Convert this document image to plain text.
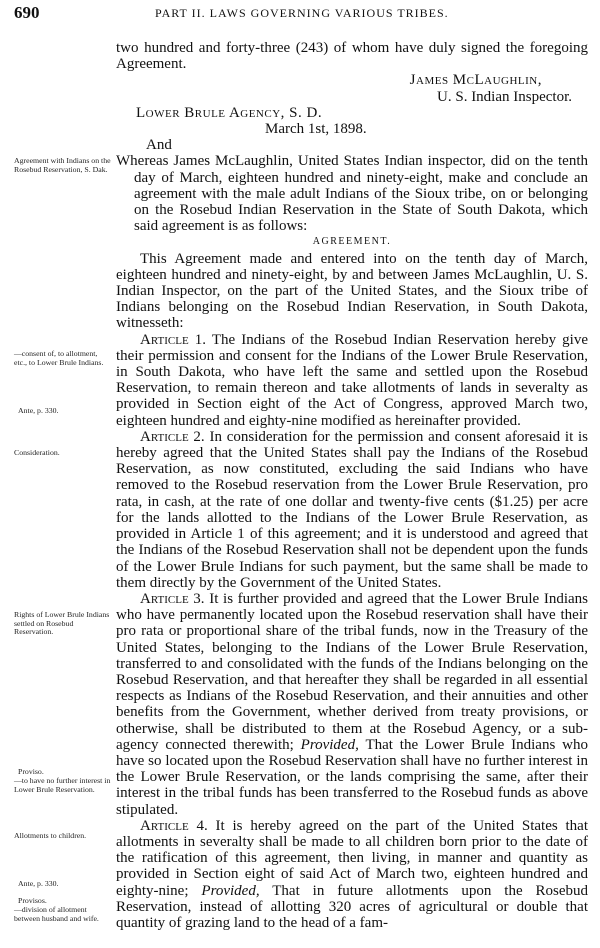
690	PART II. LAWS GOVERNING VARIOUS TRIBES.
Agreement with Indians on the Rosebud Reservation, S. Dak.
—consent of, to allotment, etc., to Lower Brule Indians.
Ante, p. 330.
Consideration.
Rights of Lower Brule Indians settled on Rosebud Reservation.
Proviso.
—to have no further interest in Lower Brule Reservation.
Allotments to children.
Ante, p. 330.
Provisos.
—division of allotment between husband and wife.

two hundred and forty-three (243) of whom have duly signed the foregoing Agreement.

James McLaughlin,

U. S. Indian Inspector.

Lower Brule Agency, S. D.

March 1st, 1898.

And

Whereas James McLaughlin, United States Indian inspector, did on the tenth day of March, eighteen hundred and ninety-eight, make and conclude an agreement with the male adult Indians of the Sioux tribe, on or belonging on the Rosebud Indian Reservation in the State of South Dakota, which said agreement is as follows:

AGREEMENT.

This Agreement made and entered into on the tenth day of March, eighteen hundred and ninety-eight, by and between James McLaughlin, U. S. Indian Inspector, on the part of the United States, and the Sioux tribe of Indians belonging on the Rosebud Indian Reservation, in South Dakota, witnesseth:

Article 1. The Indians of the Rosebud Indian Reservation hereby give their permission and consent for the Indians of the Lower Brule Reservation, in South Dakota, who have left the same and settled upon the Rosebud Reservation, to remain thereon and take allotments of lands in severalty as provided in Section eight of the Act of Congress, approved March two, eighteen hundred and eighty-nine modified as hereinafter provided.

Article 2. In consideration for the permission and consent aforesaid it is hereby agreed that the United States shall pay the Indians of the Rosebud Reservation, as now constituted, excluding the said Indians who have removed to the Rosebud reservation from the Lower Brule Reservation, pro rata, in cash, at the rate of one dollar and twenty-five cents ($1.25) per acre for the lands allotted to the Indians of the Lower Brule Reservation, as provided in Article 1 of this agreement; and it is understood and agreed that the Indians of the Rosebud Reservation shall not be dependent upon the funds of the Lower Brule Indians for such payment, but the same shall be made to them directly by the Government of the United States.

Article 3. It is further provided and agreed that the Lower Brule Indians who have permanently located upon the Rosebud reservation shall have their pro rata or proportional share of the tribal funds, now in the Treasury of the United States, belonging to the Indians of the Lower Brule Reservation, transferred to and consolidated with the funds of the Indians belonging on the Rosebud Reservation, and that hereafter they shall be regarded in all essential respects as Indians of the Rosebud Reservation, and their annuities and other benefits from the Government, whether derived from treaty provisions, or otherwise, shall be distributed to them at the Rosebud Agency, or a sub-agency connected therewith; Provided, That the Lower Brule Indians who have so located upon the Rosebud Reservation shall have no further interest in the Lower Brule Reservation, or the lands comprising the same, after their interest in the tribal funds has been transferred to the Rosebud funds as above stipulated.

Article 4. It is hereby agreed on the part of the United States that allotments in severalty shall be made to all children born prior to the date of the ratification of this agreement, then living, in manner and quantity as provided in Section eight of said Act of March two, eighteen hundred and eighty-nine; Provided, That in future allotments upon the Rosebud Reservation, instead of allotting 320 acres of agricultural or double that quantity of grazing land to the head of a fam-
